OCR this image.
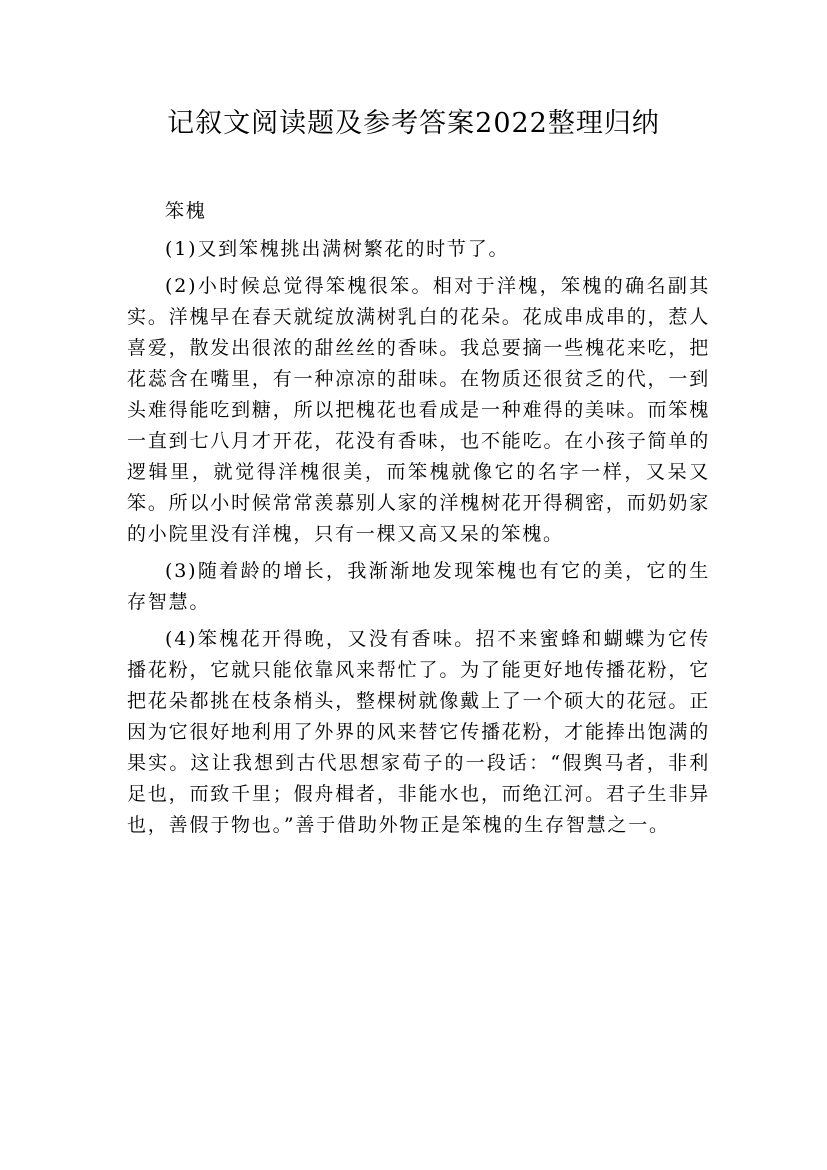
记叙文阅读题及参考答案2022整理归纳

笨槐

(1)又到笨槐挑出满树繁花的时节了。

(2)小时候总觉得笨槐很笨。相对于洋槐，笨槐的确名副其实。洋槐早在春天就绽放满树乳白的花朵。花成串成串的，惹人喜爱，散发出很浓的甜丝丝的香味。我总要摘一些槐花来吃，把花蕊含在嘴里，有一种凉凉的甜味。在物质还很贫乏的代，一到头难得能吃到糖，所以把槐花也看成是一种难得的美味。而笨槐一直到七八月才开花，花没有香味，也不能吃。在小孩子简单的逻辑里，就觉得洋槐很美，而笨槐就像它的名字一样，又呆又笨。所以小时候常常羡慕别人家的洋槐树花开得稠密，而奶奶家的小院里没有洋槐，只有一棵又高又呆的笨槐。

(3)随着龄的增长，我渐渐地发现笨槐也有它的美，它的生存智慧。

(4)笨槐花开得晚，又没有香味。招不来蜜蜂和蝴蝶为它传播花粉，它就只能依靠风来帮忙了。为了能更好地传播花粉，它把花朵都挑在枝条梢头，整棵树就像戴上了一个硕大的花冠。正因为它很好地利用了外界的风来替它传播花粉，才能捧出饱满的果实。这让我想到古代思想家荀子的一段话：“假舆马者，非利足也，而致千里；假舟楫者，非能水也，而绝江河。君子生非异也，善假于物也。”善于借助外物正是笨槐的生存智慧之一。
